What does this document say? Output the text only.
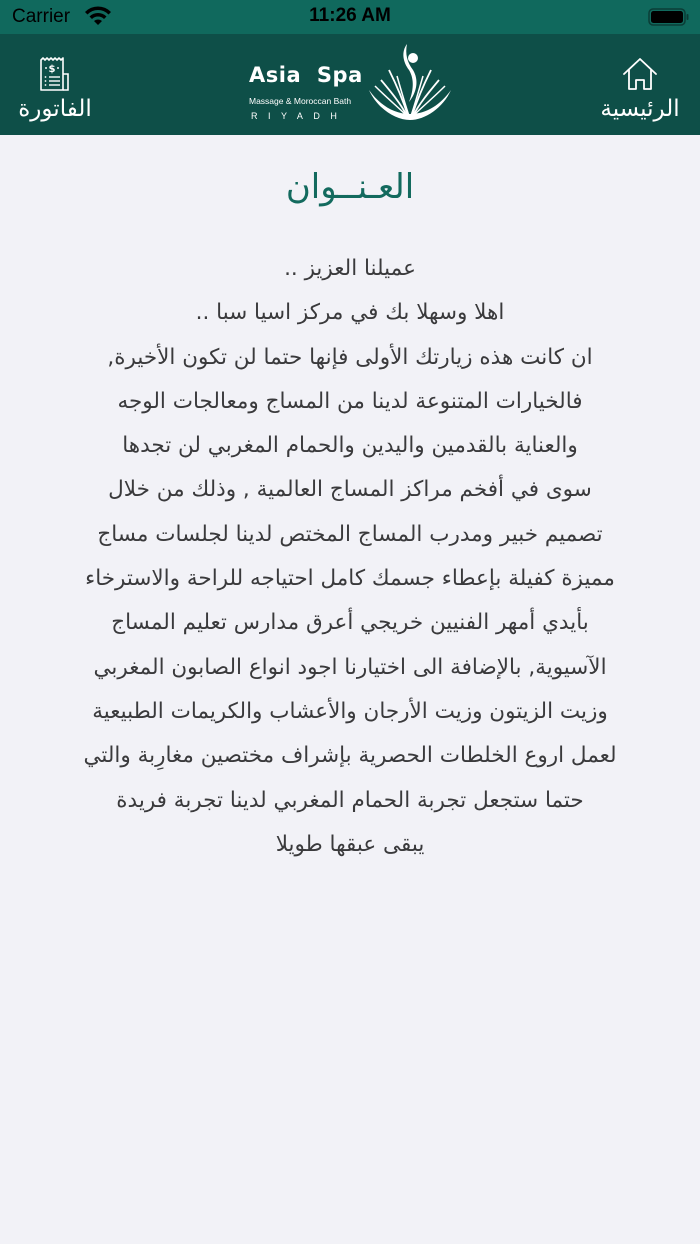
Carrier	11:26 AM
$
الفاتورة
Asia Spa
Massage & Moroccan Bath
RIYADH	الرئيسية
العـنــوان
عميلنا العزيز ..
اهلا وسهلا بك في مركز اسيا سبا ..
ان كانت هذه زيارتك الأولى فإنها حتما لن تكون الأخيرة,
فالخيارات المتنوعة لدينا من المساج ومعالجات الوجه
والعناية بالقدمين واليدين والحمام المغربي لن تجدها
سوى في أفخم مراكز المساج العالمية , وذلك من خلال
تصميم خبير ومدرب المساج المختص لدينا لجلسات مساج
مميزة كفيلة بإعطاء جسمك كامل احتياجه للراحة والاسترخاء
بأيدي أمهر الفنيين خريجي أعرق مدارس تعليم المساج
الآسيوية, بالإضافة الى اختيارنا اجود انواع الصابون المغربي
وزيت الزيتون وزيت الأرجان والأعشاب والكريمات الطبيعية
لعمل اروع الخلطات الحصرية بإشراف مختصين مغارِبة والتي
حتما ستجعل تجربة الحمام المغربي لدينا تجربة فريدة
يبقى عبقها طويلا
